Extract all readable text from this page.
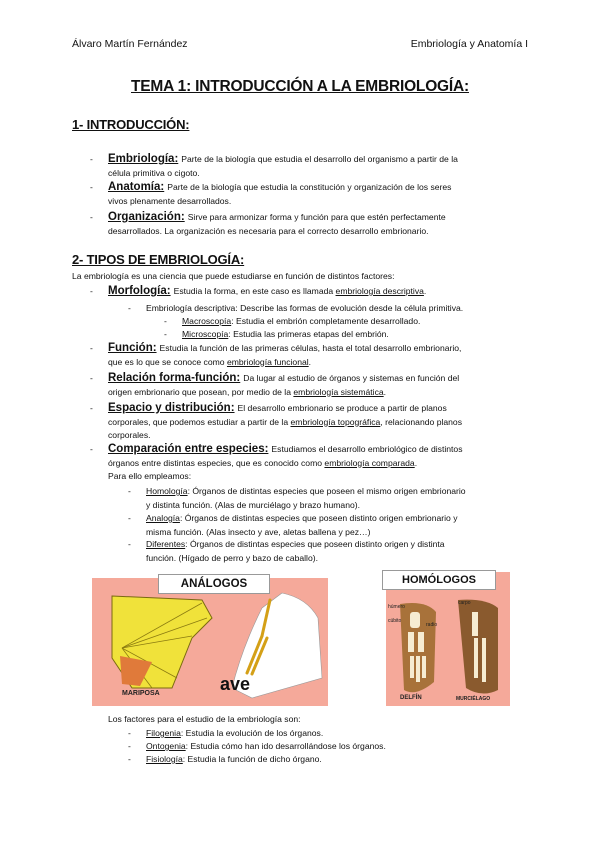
Álvaro Martín Fernández	Embriología y Anatomía I
TEMA 1: INTRODUCCIÓN A LA EMBRIOLOGÍA:
1- INTRODUCCIÓN:
- Embriología: Parte de la biología que estudia el desarrollo del organismo a partir de la
célula primitiva o cigoto.
- Anatomía: Parte de la biología que estudia la constitución y organización de los seres
vivos plenamente desarrollados.
- Organización: Sirve para armonizar forma y función para que estén perfectamente
desarrollados. La organización es necesaria para el correcto desarrollo embrionario.
2- TIPOS DE EMBRIOLOGÍA:
La embriología es una ciencia que puede estudiarse en función de distintos factores:
- Morfología: Estudia la forma, en este caso es llamada embriología descriptiva.
- Embriología descriptiva: Describe las formas de evolución desde la célula primitiva.
- Macroscopía: Estudia el embrión completamente desarrollado.
- Microscopía: Estudia las primeras etapas del embrión.
- Función: Estudia la función de las primeras células, hasta el total desarrollo embrionario,
que es lo que se conoce como embriología funcional.
- Relación forma-función: Da lugar al estudio de órganos y sistemas en función del
origen embrionario que posean, por medio de la embriología sistemática.
- Espacio y distribución: El desarrollo embrionario se produce a partir de planos
corporales, que podemos estudiar a partir de la embriología topográfica, relacionando planos
corporales.
- Comparación entre especies: Estudiamos el desarrollo embriológico de distintos
órganos entre distintas especies, que es conocido como embriología comparada.
Para ello empleamos:
- Homología: Órganos de distintas especies que poseen el mismo origen embrionario
y distinta función. (Alas de murciélago y brazo humano).
- Analogía: Órganos de distintas especies que poseen distinto origen embrionario y
misma función. (Alas insecto y ave, aletas ballena y pez…)
- Diferentes: Órganos de distintas especies que poseen distinto origen y distinta
función. (Hígado de perro y bazo de caballo).
ANÁLOGOS
MARIPOSA	ave
HOMÓLOGOS
húmero
cúbito
radio
carpo
DELFÍN	MURCIÉLAGO
Los factores para el estudio de la embriología son:
- Filogenia: Estudia la evolución de los órganos.
- Ontogenia: Estudia cómo han ido desarrollándose los órganos.
- Fisiología: Estudia la función de dicho órgano.
